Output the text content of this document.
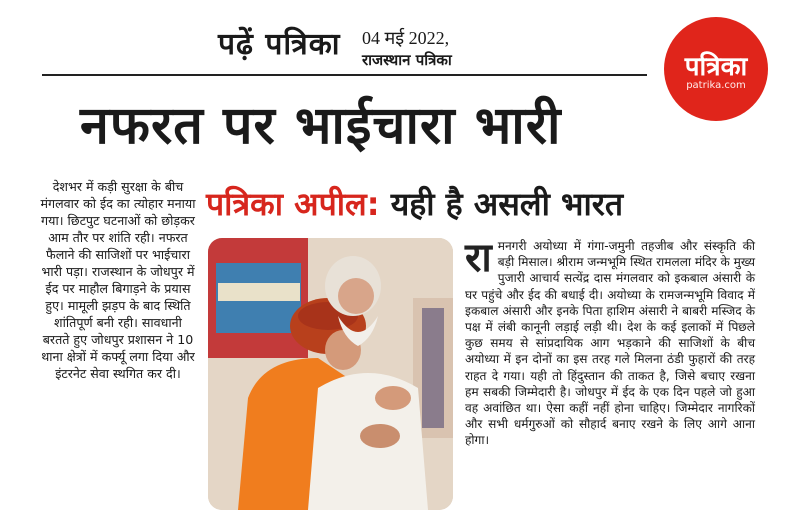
पढ़ें पत्रिका 04 मई 2022,
राजस्थान पत्रिका	पत्रिका
patrika.com
नफरत पर भाईचारा भारी
पत्रिका अपील: यही है असली भारत
देशभर में कड़ी सुरक्षा के बीच मंगलवार को ईद का त्योहार मनाया गया। छिटपुट घटनाओं को छोड़कर आम तौर पर शांति रही। नफरत फैलाने की साजिशों पर भाईचारा भारी पड़ा। राजस्थान के जोधपुर में ईद पर माहौल बिगाड़ने के प्रयास हुए। मामूली झड़प के बाद स्थिति शांतिपूर्ण बनी रही। सावधानी बरतते हुए जोधपुर प्रशासन ने 10 थाना क्षेत्रों में कर्फ्यू लगा दिया और इंटरनेट सेवा स्थगित कर दी।
रामनगरी अयोध्या में गंगा-जमुनी तहजीब और संस्कृति की बड़ी मिसाल। श्रीराम जन्मभूमि स्थित रामलला मंदिर के मुख्य पुजारी आचार्य सत्येंद्र दास मंगलवार को इकबाल अंसारी के घर पहुंचे और ईद की बधाई दी। अयोध्या के रामजन्मभूमि विवाद में इकबाल अंसारी और इनके पिता हाशिम अंसारी ने बाबरी मस्जिद के पक्ष में लंबी कानूनी लड़ाई लड़ी थी। देश के कई इलाकों में पिछले कुछ समय से सांप्रदायिक आग भड़काने की साजिशों के बीच अयोध्या में इन दोनों का इस तरह गले मिलना ठंडी फुहारों की तरह राहत दे गया। यही तो हिंदुस्तान की ताकत है, जिसे बचाए रखना हम सबकी जिम्मेदारी है। जोधपुर में ईद के एक दिन पहले जो हुआ वह अवांछित था। ऐसा कहीं नहीं होना चाहिए। जिम्मेदार नागरिकों और सभी धर्मगुरुओं को सौहार्द बनाए रखने के लिए आगे आना होगा।
